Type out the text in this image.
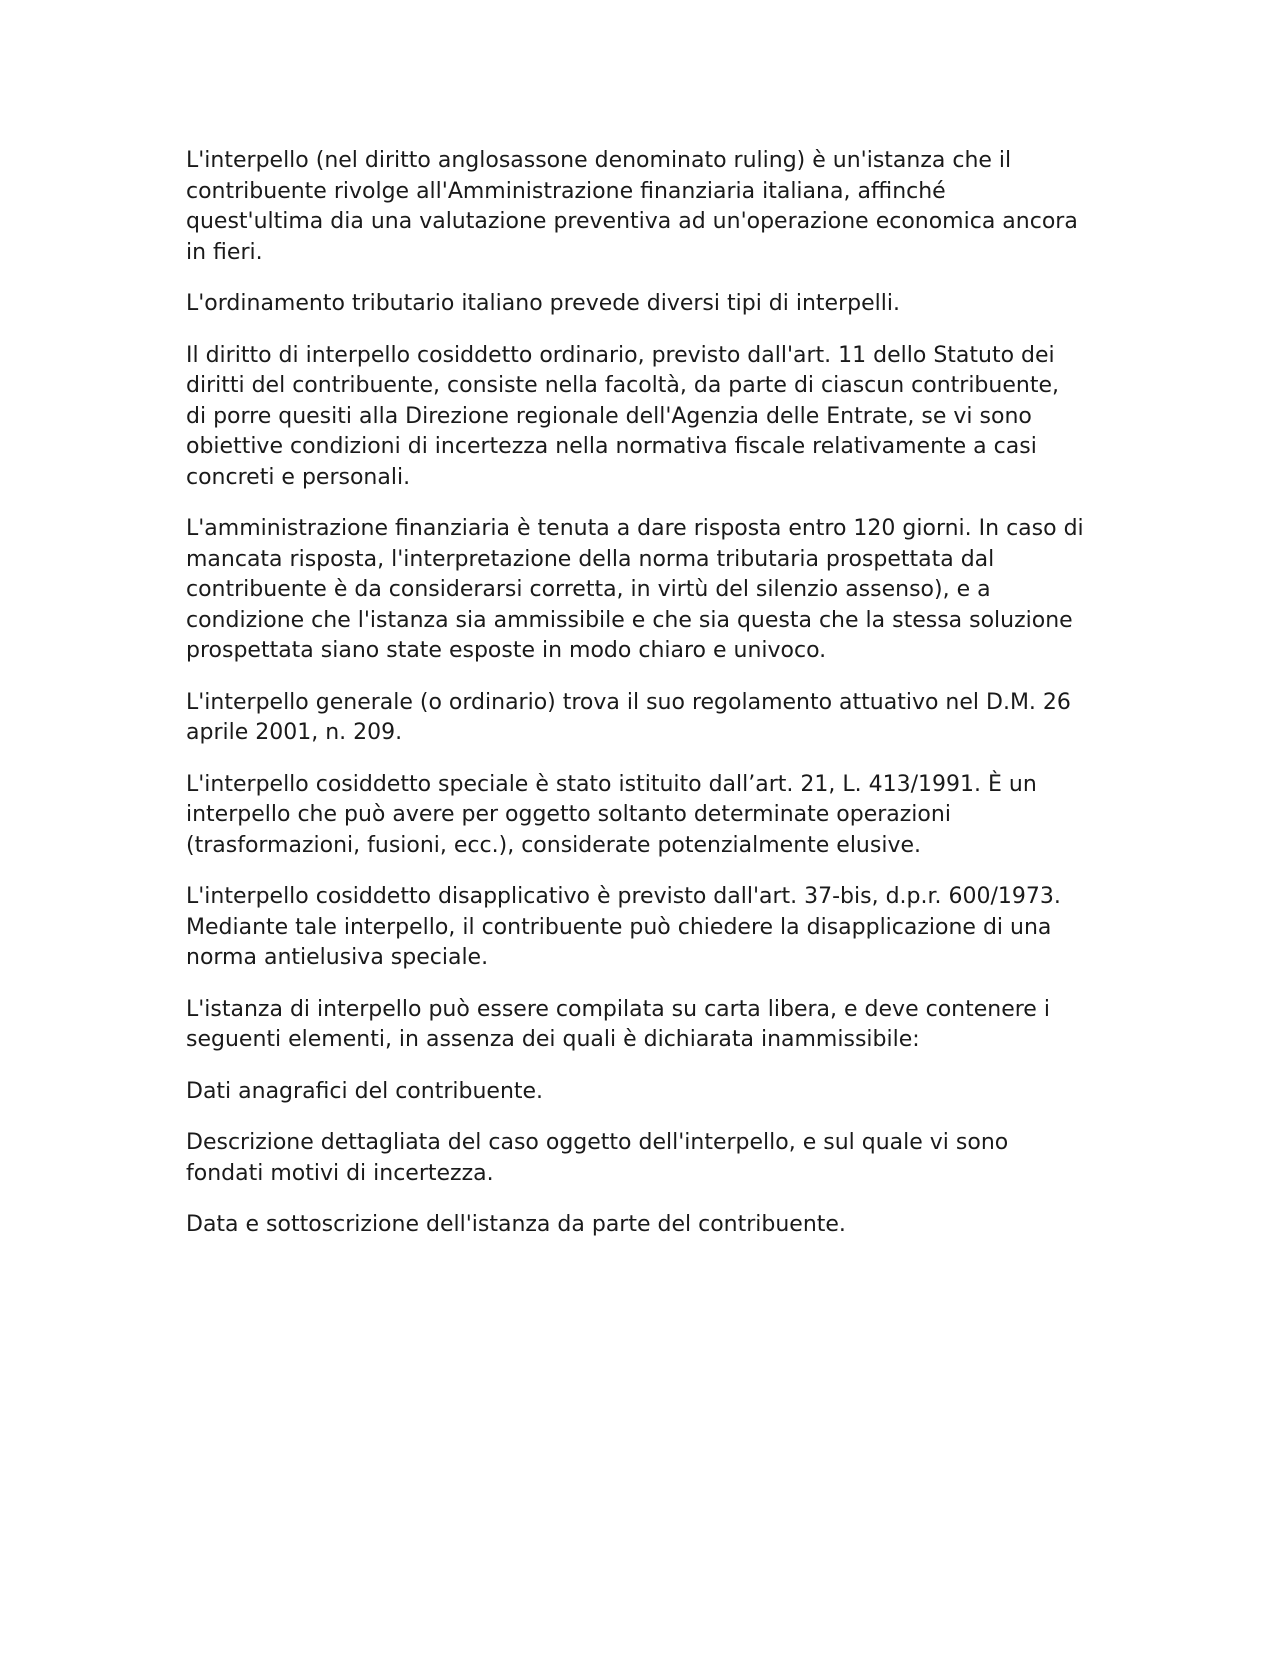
L'interpello (nel diritto anglosassone denominato ruling) è un'istanza che il contribuente rivolge all'Amministrazione finanziaria italiana, affinché quest'ultima dia una valutazione preventiva ad un'operazione economica ancora in fieri.

L'ordinamento tributario italiano prevede diversi tipi di interpelli.

Il diritto di interpello cosiddetto ordinario, previsto dall'art. 11 dello Statuto dei diritti del contribuente, consiste nella facoltà, da parte di ciascun contribuente, di porre quesiti alla Direzione regionale dell'Agenzia delle Entrate, se vi sono obiettive condizioni di incertezza nella normativa fiscale relativamente a casi concreti e personali.

L'amministrazione finanziaria è tenuta a dare risposta entro 120 giorni. In caso di mancata risposta, l'interpretazione della norma tributaria prospettata dal contribuente è da considerarsi corretta, in virtù del silenzio assenso), e a condizione che l'istanza sia ammissibile e che sia questa che la stessa soluzione prospettata siano state esposte in modo chiaro e univoco.

L'interpello generale (o ordinario) trova il suo regolamento attuativo nel D.M. 26 aprile 2001, n. 209.

L'interpello cosiddetto speciale è stato istituito dall’art. 21, L. 413/1991. È un interpello che può avere per oggetto soltanto determinate operazioni (trasformazioni, fusioni, ecc.), considerate potenzialmente elusive.

L'interpello cosiddetto disapplicativo è previsto dall'art. 37-bis, d.p.r. 600/1973. Mediante tale interpello, il contribuente può chiedere la disapplicazione di una norma antielusiva speciale.

L'istanza di interpello può essere compilata su carta libera, e deve contenere i seguenti elementi, in assenza dei quali è dichiarata inammissibile:

Dati anagrafici del contribuente.

Descrizione dettagliata del caso oggetto dell'interpello, e sul quale vi sono fondati motivi di incertezza.

Data e sottoscrizione dell'istanza da parte del contribuente.
